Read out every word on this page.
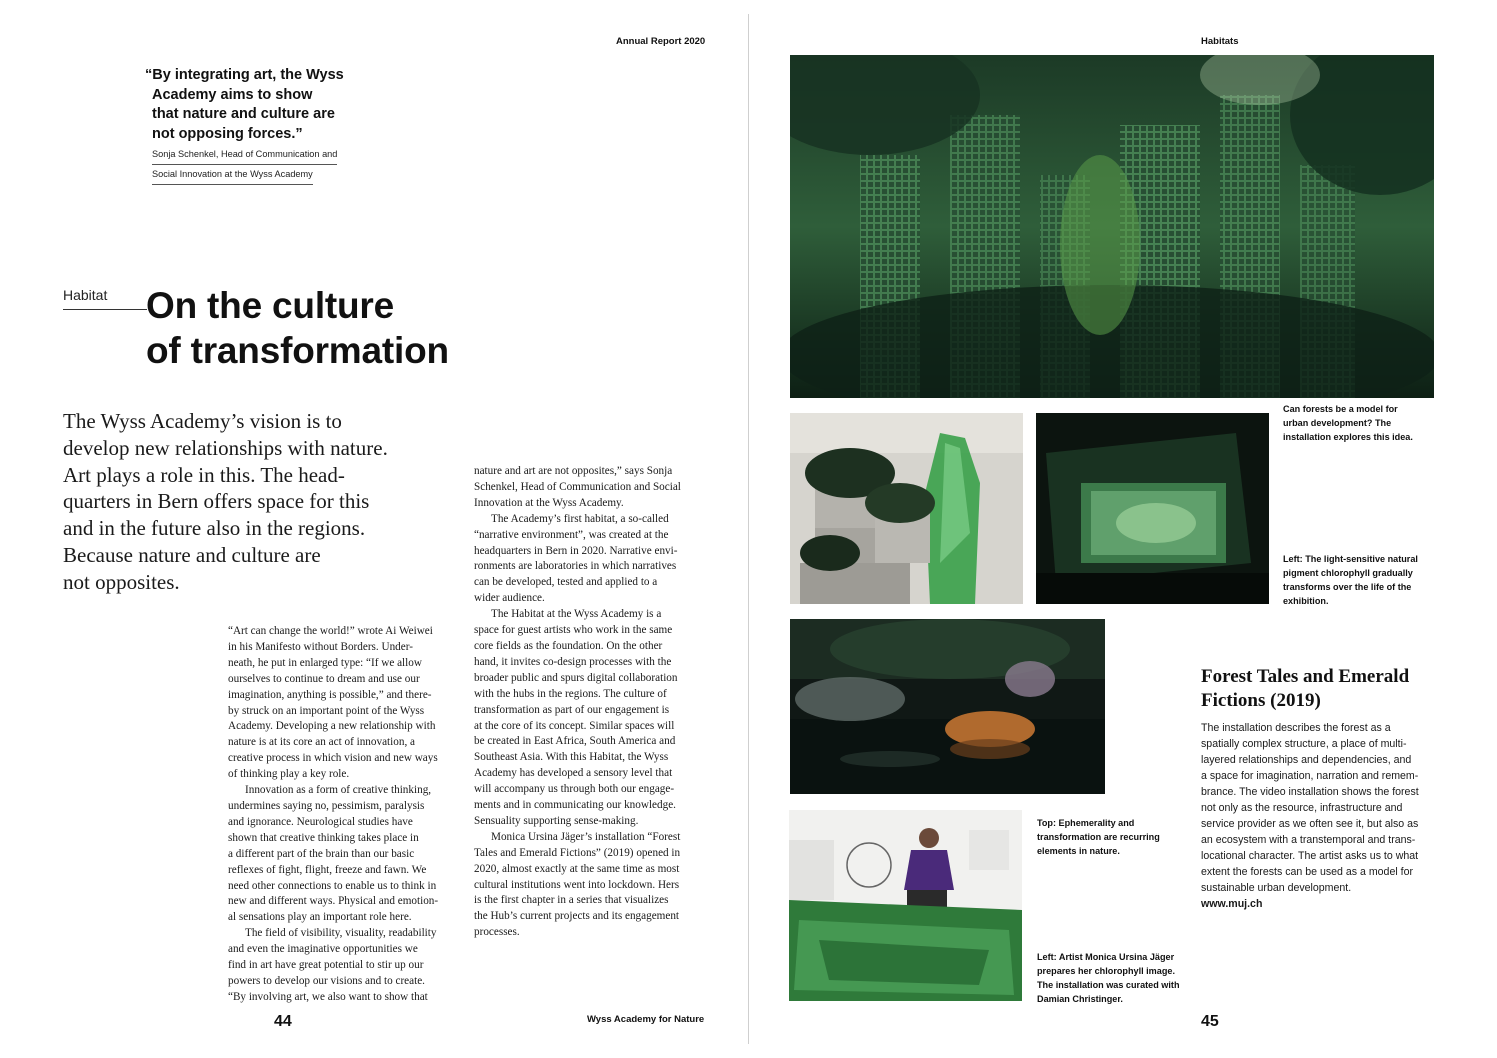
Annual Report 2020
“By integrating art, the Wyss
Academy aims to show
that nature and culture are
not opposing forces.”
Sonja Schenkel, Head of Communication and
Social Innovation at the Wyss Academy
Habitat On the culture
of transformation
The Wyss Academy’s vision is to
develop new relationships with nature.
Art plays a role in this. The head-
quarters in Bern offers space for this
and in the future also in the regions.
Because nature and culture are
not opposites.
“Art can change the world!” wrote Ai Weiwei
in his Manifesto without Borders. Under-
neath, he put in enlarged type: “If we allow
ourselves to continue to dream and use our
imagination, anything is possible,” and there-
by struck on an important point of the Wyss
Academy. Developing a new relationship with
nature is at its core an act of innovation, a
creative process in which vision and new ways
of thinking play a key role.
Innovation as a form of creative thinking,
undermines saying no, pessimism, paralysis
and ignorance. Neurological studies have
shown that creative thinking takes place in
a different part of the brain than our basic
reflexes of fight, flight, freeze and fawn. We
need other connections to enable us to think in
new and different ways. Physical and emotion-
al sensations play an important role here.
The field of visibility, visuality, readability
and even the imaginative opportunities we
find in art have great potential to stir up our
powers to develop our visions and to create.
“By involving art, we also want to show that
nature and art are not opposites,” says Sonja
Schenkel, Head of Communication and Social
Innovation at the Wyss Academy.
The Academy’s first habitat, a so-called
“narrative environment”, was created at the
headquarters in Bern in 2020. Narrative envi-
ronments are laboratories in which narratives
can be developed, tested and applied to a
wider audience.
The Habitat at the Wyss Academy is a
space for guest artists who work in the same
core fields as the foundation. On the other
hand, it invites co-design processes with the
broader public and spurs digital collaboration
with the hubs in the regions. The culture of
transformation as part of our engagement is
at the core of its concept. Similar spaces will
be created in East Africa, South America and
Southeast Asia. With this Habitat, the Wyss
Academy has developed a sensory level that
will accompany us through both our engage-
ments and in communicating our knowledge.
Sensuality supporting sense-making.
Monica Ursina Jäger’s installation “Forest
Tales and Emerald Fictions” (2019) opened in
2020, almost exactly at the same time as most
cultural institutions went into lockdown. Hers
is the first chapter in a series that visualizes
the Hub’s current projects and its engagement
processes.
44	Wyss Academy for Nature
Habitats
Can forests be a model for
urban development? The
installation explores this idea.
Left: The light-sensitive natural
pigment chlorophyll gradually
transforms over the life of the
exhibition.
Top: Ephemerality and
transformation are recurring
elements in nature.
Left: Artist Monica Ursina Jäger
prepares her chlorophyll image.
The installation was curated with
Damian Christinger.
Forest Tales and Emerald
Fictions (2019)
The installation describes the forest as a
spatially complex structure, a place of multi-
layered relationships and dependencies, and
a space for imagination, narration and remem-
brance. The video installation shows the forest
not only as the resource, infrastructure and
service provider as we often see it, but also as
an ecosystem with a transtemporal and trans-
locational character. The artist asks us to what
extent the forests can be used as a model for
sustainable urban development.
www.muj.ch
45
